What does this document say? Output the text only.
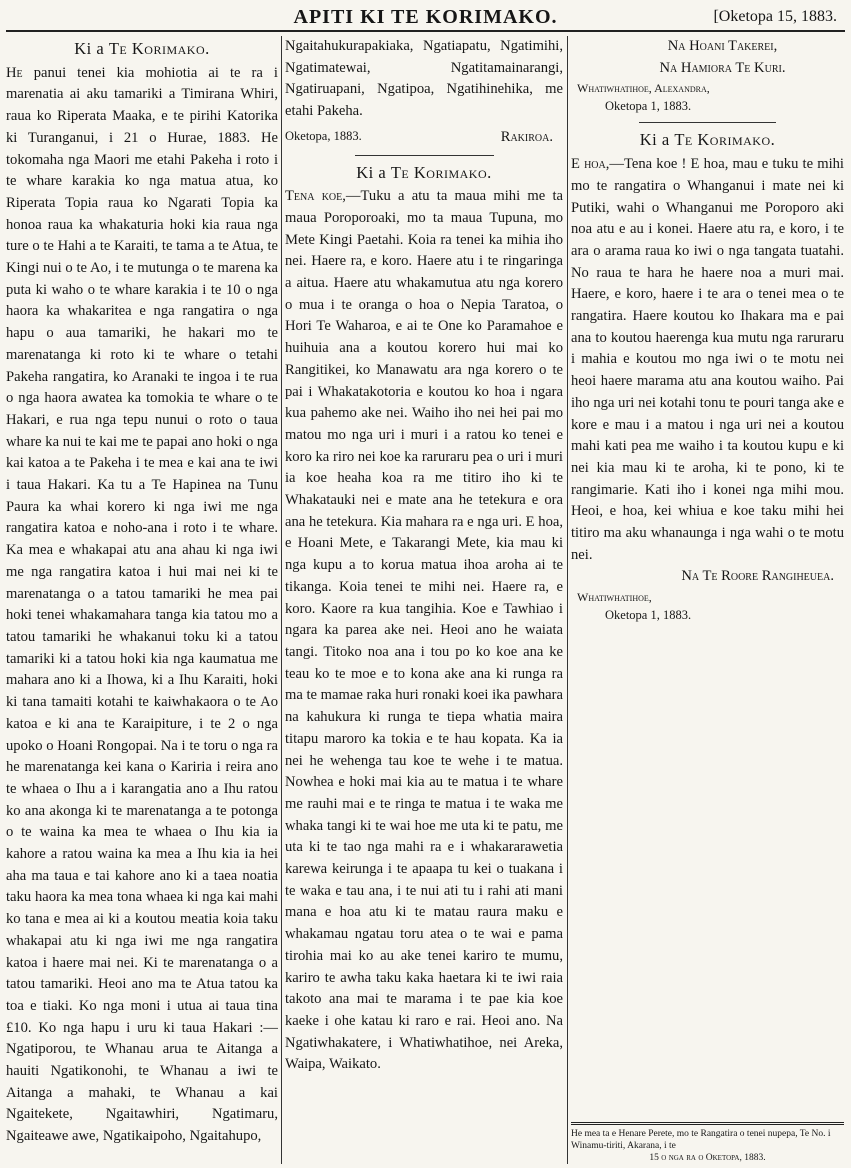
APITI KI TE KORIMAKO.	[Oketopa 15, 1883.

Ki a Te Korimako.

He panui tenei kia mohiotia ai te ra i marenatia ai aku tamariki a Timirana Whiri, raua ko Riperata Maaka, e te pirihi Katorika ki Turanganui, i 21 o Hurae, 1883. He tokomaha nga Maori me etahi Pakeha i roto i te whare karakia ko nga matua atua, ko Riperata Topia raua ko Ngarati Topia ka honoa raua ka whakaturia hoki kia raua nga ture o te Hahi a te Karaiti, te tama a te Atua, te Kingi nui o te Ao, i te mutunga o te marena ka puta ki waho o te whare karakia i te 10 o nga haora ka whakaritea e nga rangatira o nga hapu o aua tamariki, he hakari mo te marenatanga ki roto ki te whare o tetahi Pakeha rangatira, ko Aranaki te ingoa i te rua o nga haora awatea ka tomokia te whare o te Hakari, e rua nga tepu nunui o roto o taua whare ka nui te kai me te papai ano hoki o nga kai katoa a te Pakeha i te mea e kai ana te iwi i taua Hakari. Ka tu a Te Hapinea na Tunu Paura ka whai korero ki nga iwi me nga rangatira katoa e noho-ana i roto i te whare. Ka mea e whakapai atu ana ahau ki nga iwi me nga rangatira katoa i hui mai nei ki te marenatanga o a tatou tamariki he mea pai hoki tenei whakamahara tanga kia tatou mo a tatou tamariki he whakanui toku ki a tatou tamariki ki a tatou hoki kia nga kaumatua me mahara ano ki a Ihowa, ki a Ihu Karaiti, hoki ki tana tamaiti kotahi te kaiwhakaora o te Ao katoa e ki ana te Karaipiture, i te 2 o nga upoko o Hoani Rongopai. Na i te toru o nga ra he marenatanga kei kana o Kariria i reira ano te whaea o Ihu a i karangatia ano a Ihu ratou ko ana akonga ki te marenatanga a te potonga o te waina ka mea te whaea o Ihu kia ia kahore a ratou waina ka mea a Ihu kia ia hei aha ma taua e tai kahore ano ki a taea noatia taku haora ka mea tona whaea ki nga kai mahi ko tana e mea ai ki a koutou meatia koia taku whakapai atu ki nga iwi me nga rangatira katoa i haere mai nei. Ki te marenatanga o a tatou tamariki. Heoi ano ma te Atua tatou ka toa e tiaki. Ko nga moni i utua ai taua tina £10. Ko nga hapu i uru ki taua Hakari :—Ngatiporou, te Whanau arua te Aitanga a hauiti Ngatikonohi, te Whanau a iwi te Aitanga a mahaki, te Whanau a kai Ngaitekete, Ngaitawhiri, Ngatimaru, Ngaiteawe awe, Ngatikaipoho, Ngaitahupo,

Ngaitahukurapakiaka, Ngatiapatu, Ngatimihi, Ngatimatewai, Ngatitamainarangi, Ngatiruapani, Ngatipoa, Ngatihinehika, me etahi Pakeha.

Oketopa, 1883.	Rakiroa.

Ki a Te Korimako.

Tena koe,—Tuku a atu ta maua mihi me ta maua Poroporoaki, mo ta maua Tupuna, mo Mete Kingi Paetahi. Koia ra tenei ka mihia iho nei. Haere ra, e koro. Haere atu i te ringaringa a aitua. Haere atu whakamutua atu nga korero o mua i te oranga o hoa o Nepia Taratoa, o Hori Te Waharoa, e ai te One ko Paramahoe e huihuia ana a koutou korero hui mai ko Rangitikei, ko Manawatu ara nga korero o te pai i Whakatakotoria e koutou ko hoa i ngara kua pahemo ake nei. Waiho iho nei hei pai mo matou mo nga uri i muri i a ratou ko tenei e koro ka riro nei koe ka raruraru pea o uri i muri ia koe heaha koa ra me titiro iho ki te Whakatauki nei e mate ana he tetekura e ora ana he tetekura. Kia mahara ra e nga uri. E hoa, e Hoani Mete, e Takarangi Mete, kia mau ki nga kupu a to koruа matua ihoa aroha ai te tikanga. Koia tenei te mihi nei. Haere ra, e koro. Kaore ra kua tangihia. Koe e Tawhiao i ngara ka parea ake nei. Heoi ano he waiata tangi. Titoko noa ana i tou po ko koe ana ke teau ko te moe e to kona ake ana ki runga ra ma te mamae raka huri ronaki koei ika pawhara na kahukura ki runga te tiepa whatia maira titapu maroro ka tokia e te hau kopata. Ka ia nei he wehenga tau koe te wehe i te matua. Nowhea e hoki mai kia au te matua i te whare me rauhi mai e te ringa te matua i te waka me whaka tangi ki te wai hoe me uta ki te patu, me uta ki te tao nga mahi ra e i whakararawetia karewa keirunga i te apaapa tu kei o tuakana i te waka e tau ana, i te nui ati tu i rahi ati mani mana e hoa atu ki te matau raura maku e whakamau ngatau toru atea o te wai e pama tirohia mai ko au ake tenei kariro te mumu, kariro te awha taku kaka haetara ki te iwi raia takoto ana mai te marama i te pae kia koe kaeke i ohe katau ki raro e rai. Heoi ano. Na Ngatiwhakatere, i Whatiwhatihoe, nei Areka, Waipa, Waikato.

Na Hoani Takerei,

Na Hamiora Te Kuri.

Whatiwhatihoe, Alexandra,

Oketopa 1, 1883.

Ki a Te Korimako.

E hoa,—Tena koe ! E hoa, mau e tuku te mihi mo te rangatira o Whanganui i mate nei ki Putiki, wahi o Whanganui me Poroporo aki noa atu e au i konei. Haere atu ra, e koro, i te ara o arama raua ko iwi o nga tangata tuatahi. No raua te hara he haere noa a muri mai. Haere, e koro, haere i te ara o tenei mea o te rangatira. Haere koutou ko Ihakara ma e pai ana to koutou haerenga kua mutu nga raruraru i mahia e koutou mo nga iwi o te motu nei heoi haere marama atu ana koutou waiho. Pai iho nga uri nei kotahi tonu te pouri tanga ake e kore e mau i a matou i nga uri nei a koutou mahi kati pea me waiho i ta koutou kupu e ki nei kia mau ki te aroha, ki te pono, ki te rangimarie. Kati iho i konei nga mihi mou. Heoi, e hoa, kei whiua e koe taku mihi hei titiro ma aku whanaunga i nga wahi o te motu nei.

Na Te Roore Rangiheuea.

Whatiwhatihoe,

Oketopa 1, 1883.

He mea ta e Henare Perete, mo te Rangatira o tenei nupepa, Te No. i Winamu-tiriti, Akarana, i te
15 o nga ra o Oketopa, 1883.
